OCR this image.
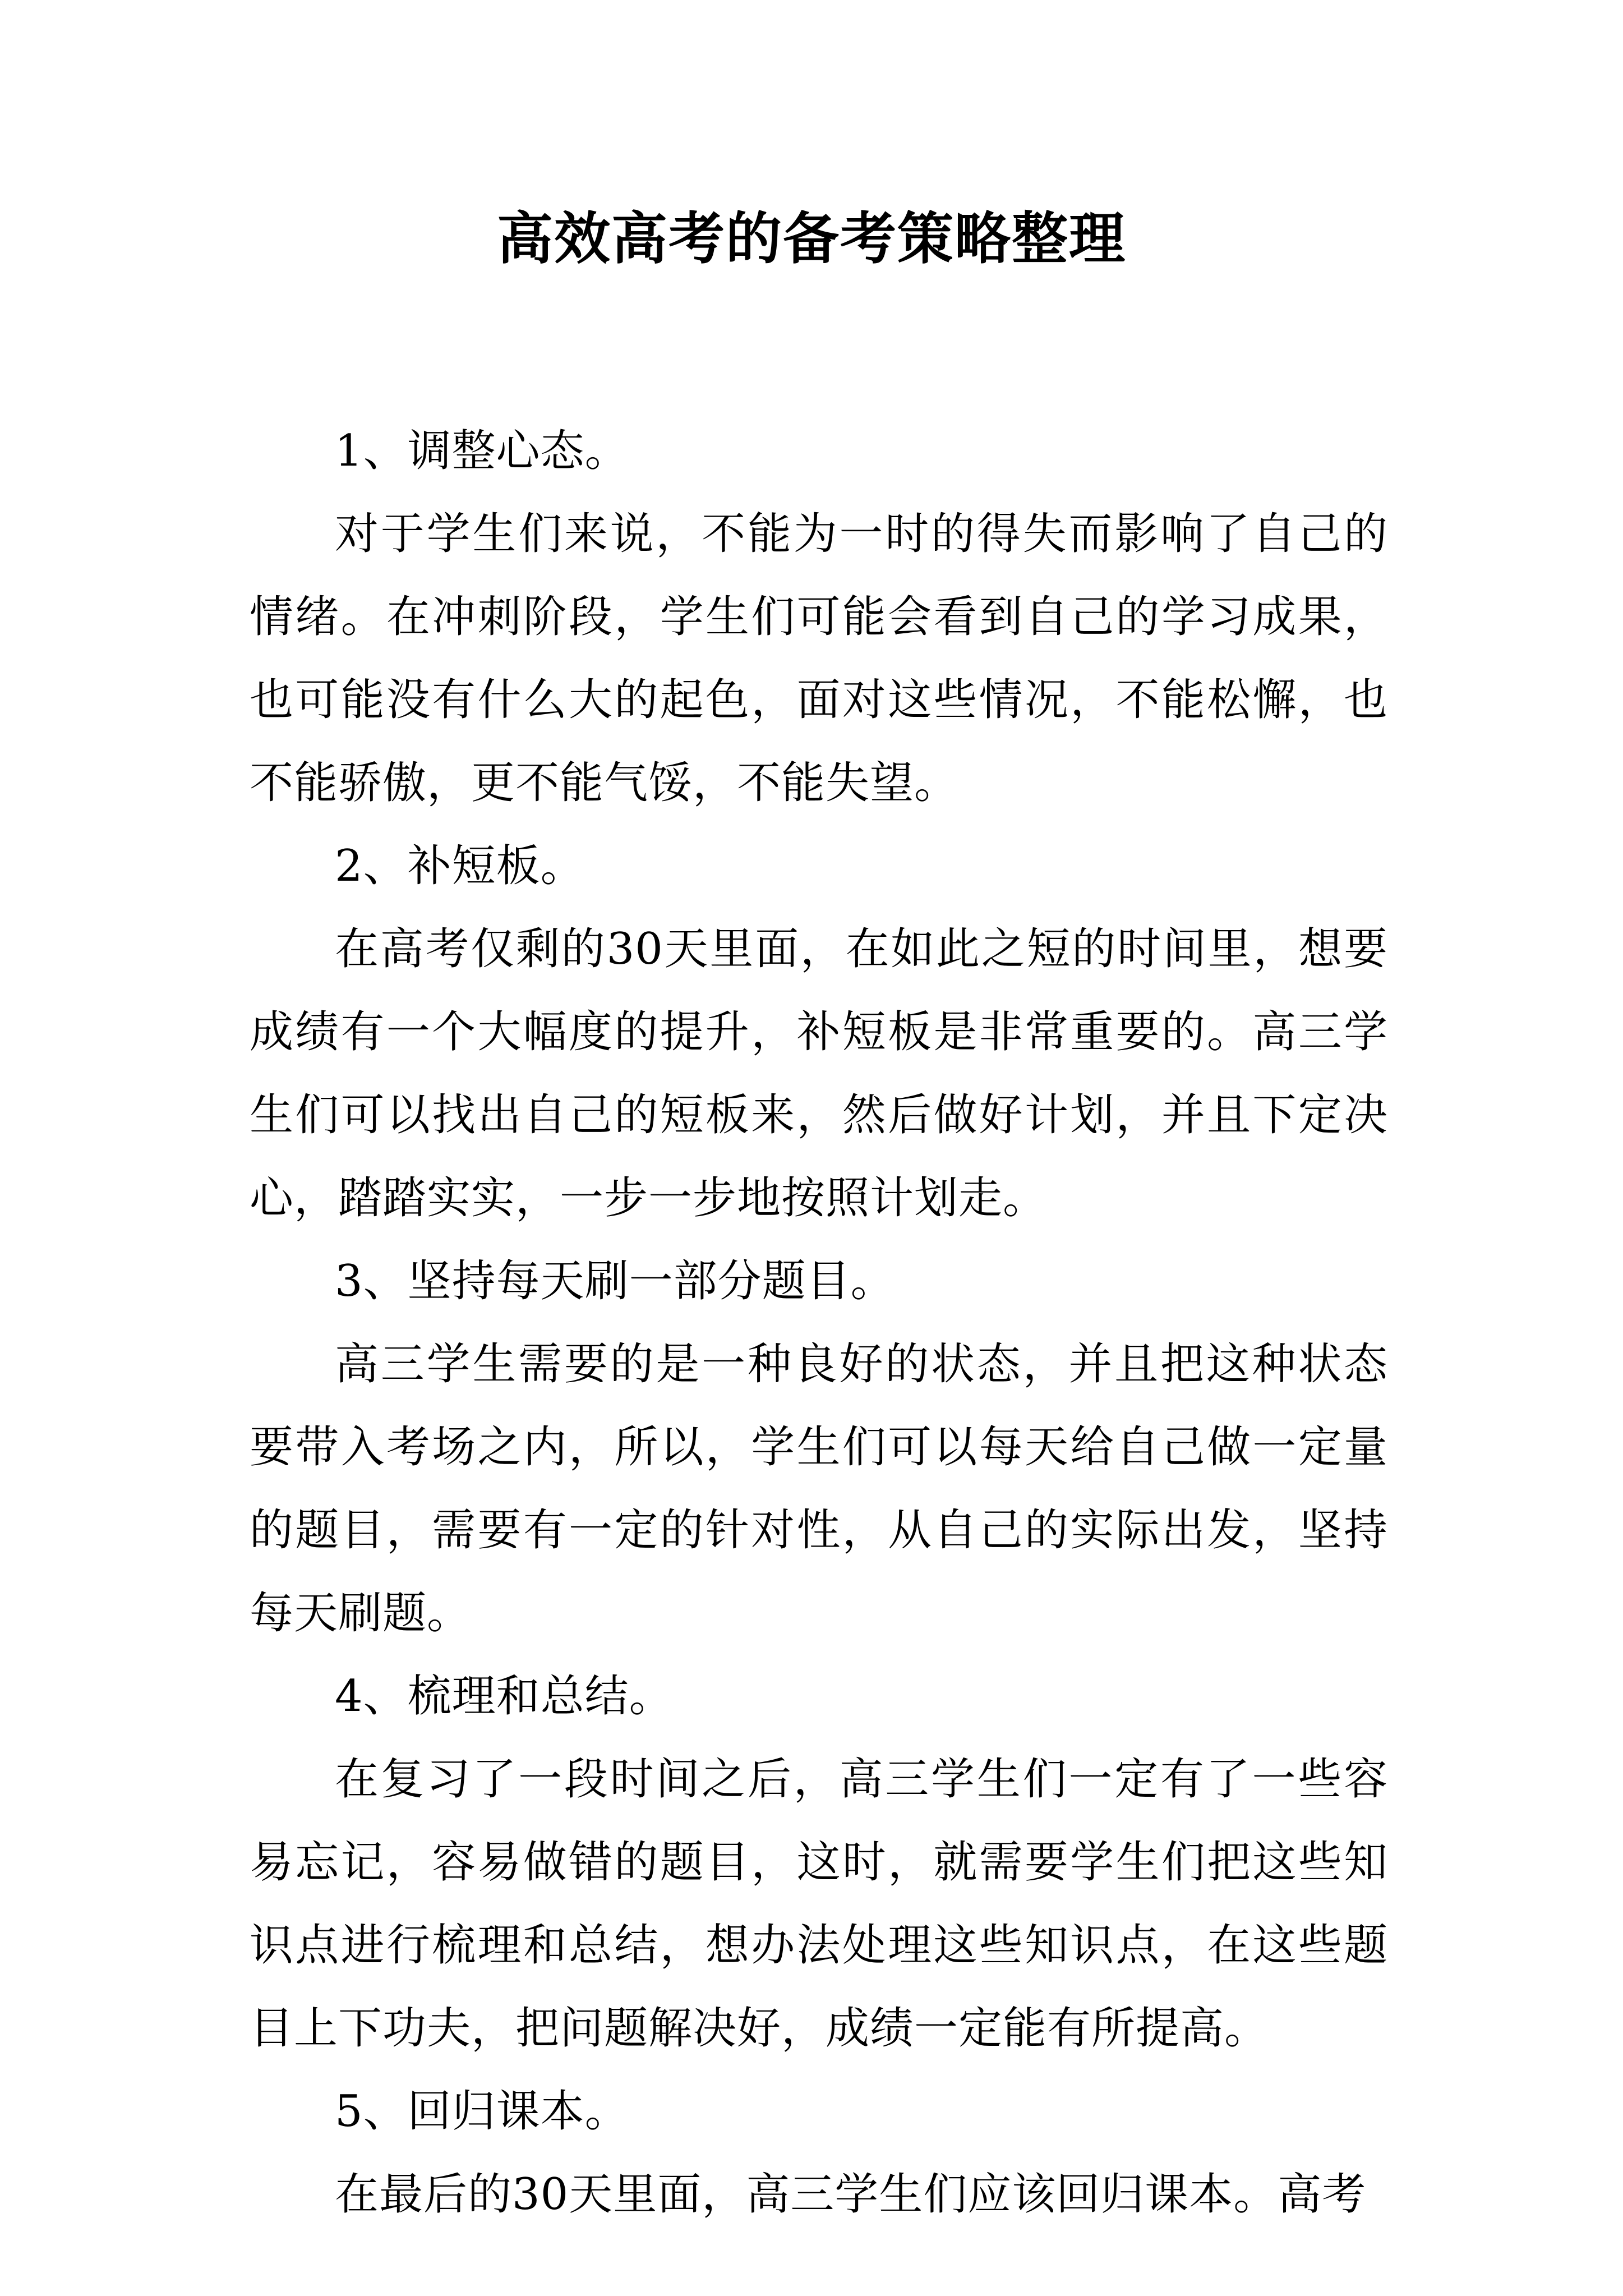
高效高考的备考策略整理

1、调整心态。

对于学生们来说，不能为一时的得失而影响了自己的情绪。在冲刺阶段，学生们可能会看到自己的学习成果，也可能没有什么大的起色，面对这些情况，不能松懈，也不能骄傲，更不能气馁，不能失望。

2、补短板。

在高考仅剩的30天里面，在如此之短的时间里，想要成绩有一个大幅度的提升，补短板是非常重要的。高三学生们可以找出自己的短板来，然后做好计划，并且下定决心，踏踏实实，一步一步地按照计划走。

3、坚持每天刷一部分题目。

高三学生需要的是一种良好的状态，并且把这种状态要带入考场之内，所以，学生们可以每天给自己做一定量的题目，需要有一定的针对性，从自己的实际出发，坚持每天刷题。

4、梳理和总结。

在复习了一段时间之后，高三学生们一定有了一些容易忘记，容易做错的题目，这时，就需要学生们把这些知识点进行梳理和总结，想办法处理这些知识点，在这些题目上下功夫，把问题解决好，成绩一定能有所提高。

5、回归课本。

在最后的30天里面，高三学生们应该回归课本。高考
